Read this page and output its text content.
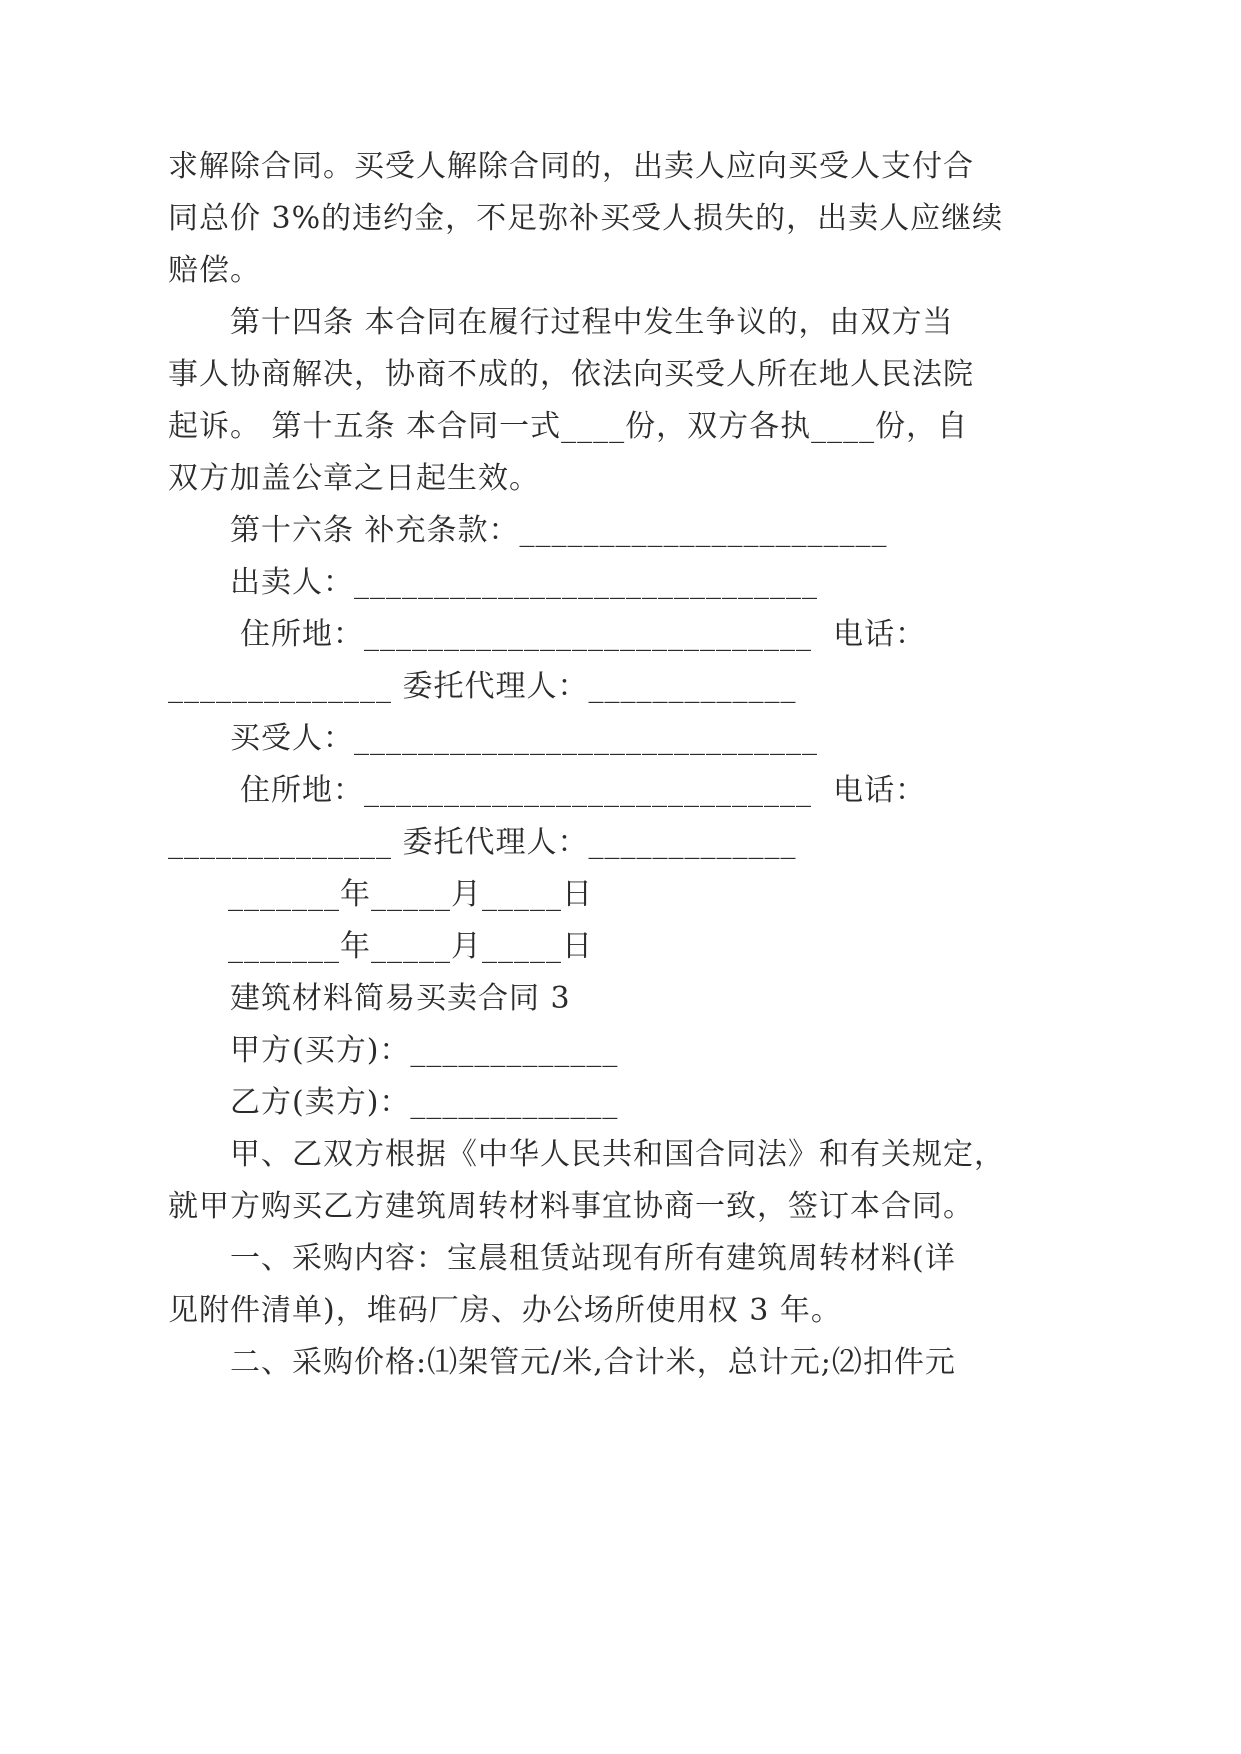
求解除合同。买受人解除合同的，出卖人应向买受人支付合
同总价 3%的违约金，不足弥补买受人损失的，出卖人应继续
赔偿。
第十四条 本合同在履行过程中发生争议的，由双方当
事人协商解决，协商不成的，依法向买受人所在地人民法院
起诉。 第十五条 本合同一式____份，双方各执____份，自
双方加盖公章之日起生效。
第十六条 补充条款：_______________________
出卖人：_____________________________
住所地：____________________________  电话：
______________ 委托代理人：_____________
买受人：_____________________________
住所地：____________________________  电话：
______________ 委托代理人：_____________
_______年_____月_____日
_______年_____月_____日
建筑材料简易买卖合同 3
甲方(买方)：_____________
乙方(卖方)：_____________
甲、乙双方根据《中华人民共和国合同法》和有关规定，
就甲方购买乙方建筑周转材料事宜协商一致，签订本合同。
一、采购内容：宝晨租赁站现有所有建筑周转材料(详
见附件清单)，堆码厂房、办公场所使用权 3 年。
二、采购价格:⑴架管元/米,合计米，总计元;⑵扣件元
